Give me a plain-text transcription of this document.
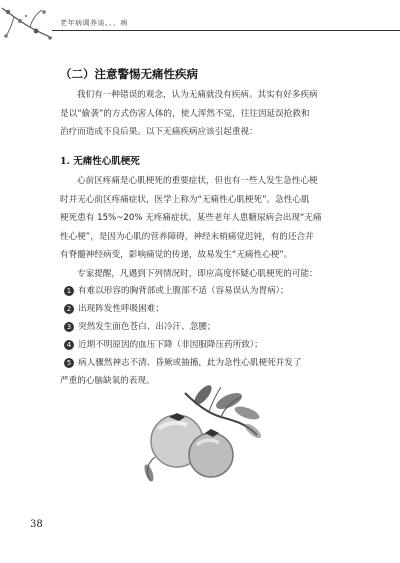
老年病调养谈、、、病
（二）注意警惕无痛性疾病
我们有一种错误的观念，认为无痛就没有疾病。其实有好多疾病
是以“偷袭”的方式伤害人体的，使人浑然不觉，往往因延误抢救和
治疗而造成不良后果。以下无痛疾病应该引起重视：
1. 无痛性心肌梗死
心前区疼痛是心肌梗死的重要症状，但也有一些人发生急性心梗
时并无心前区疼痛症状，医学上称为“无痛性心肌梗死”。急性心肌
梗死患有 15%~20% 无疼痛症状。某些老年人患糖尿病会出现“无痛
性心梗”，是因为心肌的营养障碍，神经末梢痛觉迟钝，有的还合并
有脊髓神经病变，影响痛觉的传递，故易发生“无痛性心梗”。
专家提醒，凡遇到下列情况时，即应高度怀疑心肌梗死的可能：
1 有难以形容的胸背部或上腹部不适（容易误认为胃病）；
2 出现阵发性呼吸困难；
3 突然发生面色苍白、出冷汗、忽腰；
4 近期不明原因的血压下降（非因服降压药所致）；
5 病人骤然神志不清、昏厥或抽搐，此为急性心肌梗死并发了
严重的心脑缺氧的表现。
38
